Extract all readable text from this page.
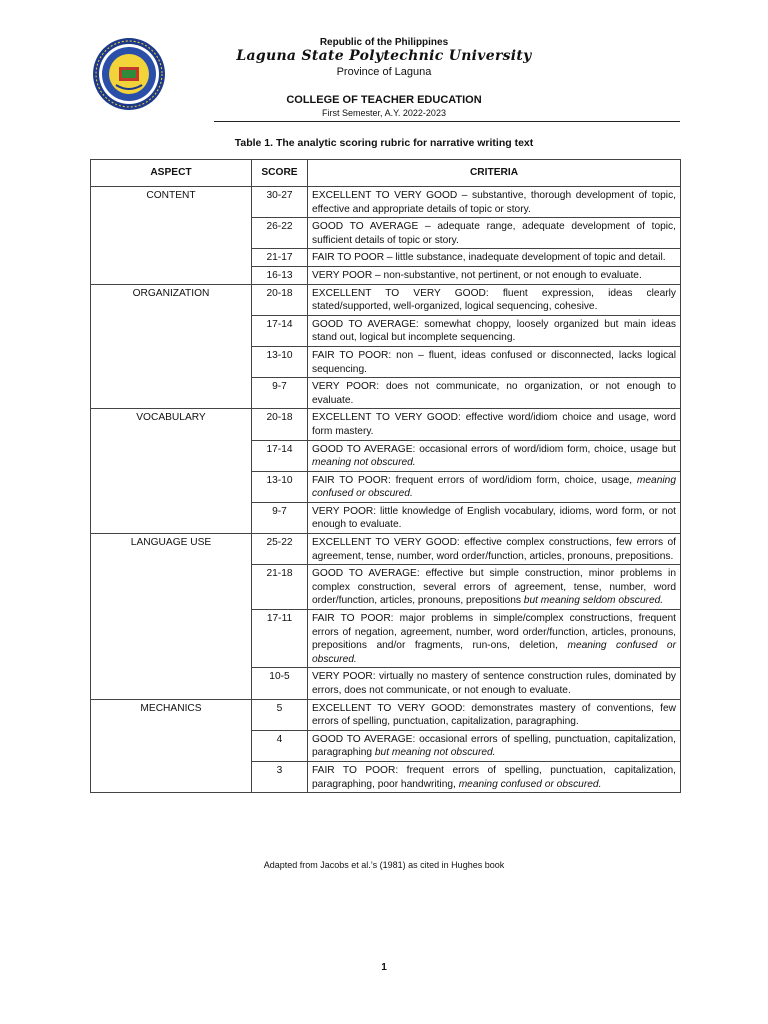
Republic of the Philippines
Laguna State Polytechnic University
Province of Laguna
COLLEGE OF TEACHER EDUCATION
First Semester, A.Y. 2022-2023
Table 1. The analytic scoring rubric for narrative writing text
ASPECT	SCORE	CRITERIA
CONTENT	30-27	EXCELLENT TO VERY GOOD – substantive, thorough development of topic, effective and appropriate details of topic or story.
	26-22	GOOD TO AVERAGE – adequate range, adequate development of topic, sufficient details of topic or story.
	21-17	FAIR TO POOR – little substance, inadequate development of topic and detail.
	16-13	VERY POOR – non-substantive, not pertinent, or not enough to evaluate.
ORGANIZATION	20-18	EXCELLENT TO VERY GOOD: fluent expression, ideas clearly stated/supported, well-organized, logical sequencing, cohesive.
	17-14	GOOD TO AVERAGE: somewhat choppy, loosely organized but main ideas stand out, logical but incomplete sequencing.
	13-10	FAIR TO POOR: non – fluent, ideas confused or disconnected, lacks logical sequencing.
	9-7	VERY POOR: does not communicate, no organization, or not enough to evaluate.
VOCABULARY	20-18	EXCELLENT TO VERY GOOD: effective word/idiom choice and usage, word form mastery.
	17-14	GOOD TO AVERAGE: occasional errors of word/idiom form, choice, usage but meaning not obscured.
	13-10	FAIR TO POOR: frequent errors of word/idiom form, choice, usage, meaning confused or obscured.
	9-7	VERY POOR: little knowledge of English vocabulary, idioms, word form, or not enough to evaluate.
LANGUAGE USE	25-22	EXCELLENT TO VERY GOOD: effective complex constructions, few errors of agreement, tense, number, word order/function, articles, pronouns, prepositions.
	21-18	GOOD TO AVERAGE: effective but simple construction, minor problems in complex construction, several errors of agreement, tense, number, word order/function, articles, pronouns, prepositions but meaning seldom obscured.
	17-11	FAIR TO POOR: major problems in simple/complex constructions, frequent errors of negation, agreement, number, word order/function, articles, pronouns, prepositions and/or fragments, run-ons, deletion, meaning confused or obscured.
	10-5	VERY POOR: virtually no mastery of sentence construction rules, dominated by errors, does not communicate, or not enough to evaluate.
MECHANICS	5	EXCELLENT TO VERY GOOD: demonstrates mastery of conventions, few errors of spelling, punctuation, capitalization, paragraphing.
	4	GOOD TO AVERAGE: occasional errors of spelling, punctuation, capitalization, paragraphing but meaning not obscured.
	3	FAIR TO POOR: frequent errors of spelling, punctuation, capitalization, paragraphing, poor handwriting, meaning confused or obscured.
Adapted from Jacobs et al.’s (1981) as cited in Hughes book
1
